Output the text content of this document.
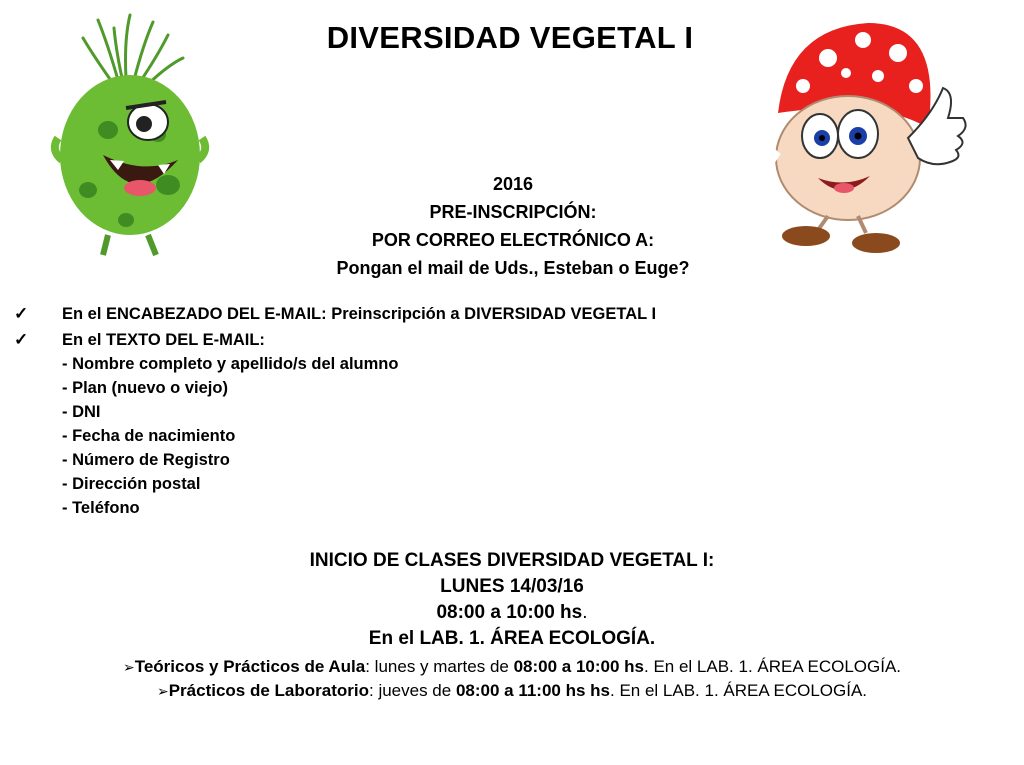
DIVERSIDAD VEGETAL I
2016
PRE-INSCRIPCIÓN:
POR CORREO ELECTRÓNICO A:
Pongan el mail de Uds., Esteban o Euge?
✓ En el ENCABEZADO DEL E-MAIL: Preinscripción a DIVERSIDAD VEGETAL I
✓ En el TEXTO DEL E-MAIL:
- Nombre completo y apellido/s del alumno
- Plan (nuevo o viejo)
- DNI
- Fecha de nacimiento
- Número de Registro
- Dirección postal
- Teléfono
INICIO DE CLASES DIVERSIDAD VEGETAL I:
LUNES 14/03/16
08:00 a 10:00 hs.
En el LAB. 1. ÁREA ECOLOGÍA.
➢Teóricos y Prácticos de Aula: lunes y martes de 08:00 a 10:00 hs. En el LAB. 1. ÁREA ECOLOGÍA.
➢Prácticos de Laboratorio: jueves de 08:00 a 11:00 hs hs. En el LAB. 1. ÁREA ECOLOGÍA.
